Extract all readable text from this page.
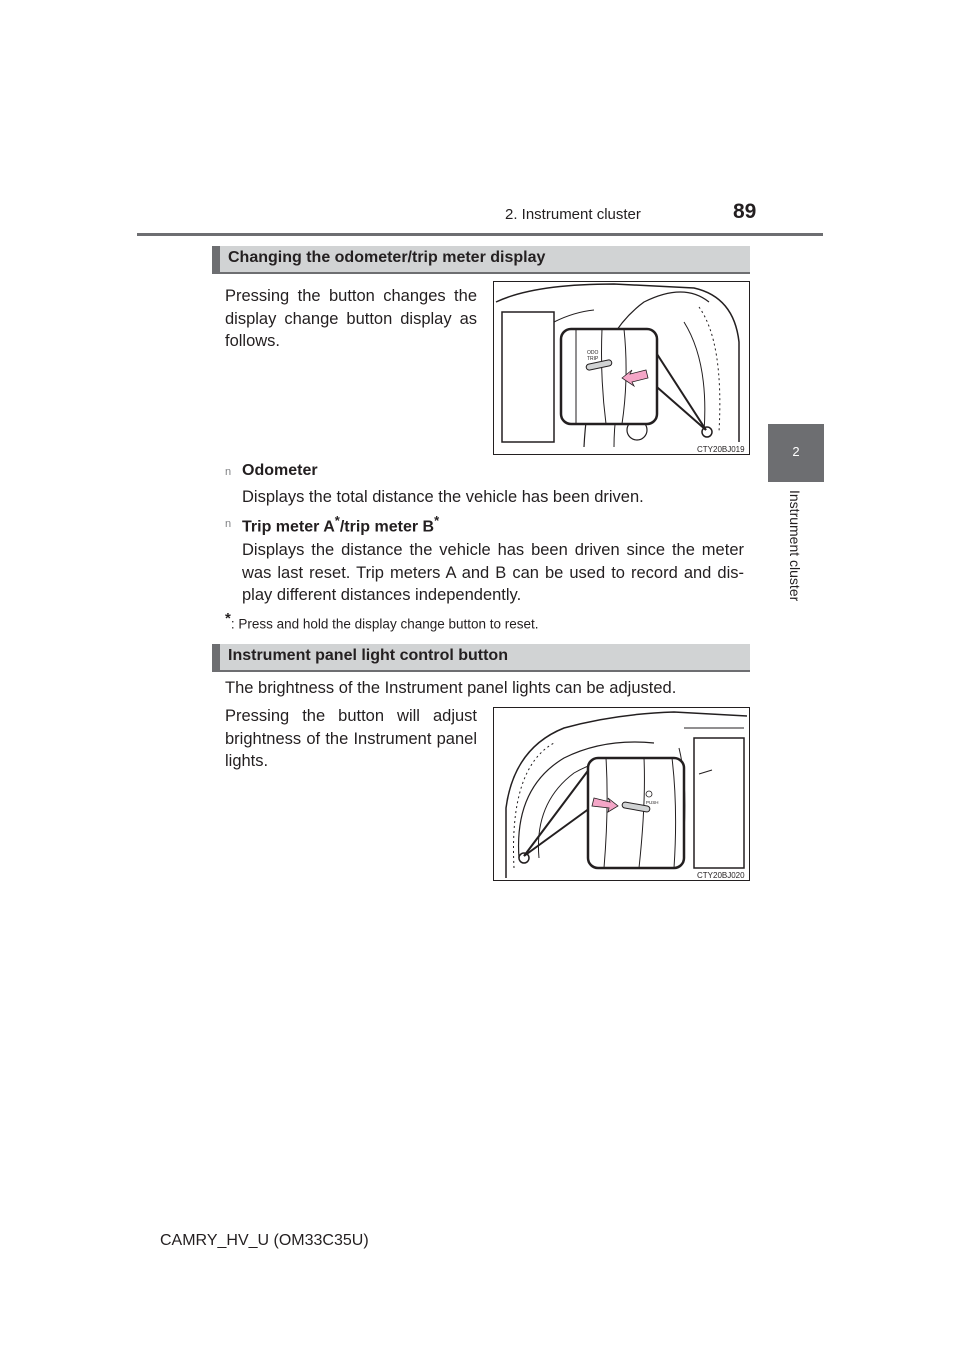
2. Instrument cluster	89
2
Instrument cluster
Changing the odometer/trip meter display
Pressing the button changes the display change button display as follows.
ODO
TRIP
CTY20BJ019
n Odometer
Displays the total distance the vehicle has been driven.
n Trip meter A*/trip meter B*
Displays the distance the vehicle has been driven since the meter was last reset. Trip meters A and B can be used to record and dis-play different distances independently.
*: Press and hold the display change button to reset.
Instrument panel light control button
The brightness of the Instrument panel lights can be adjusted.
Pressing the button will adjust brightness of the Instrument panel lights.
PUSH
CTY20BJ020
CAMRY_HV_U (OM33C35U)
